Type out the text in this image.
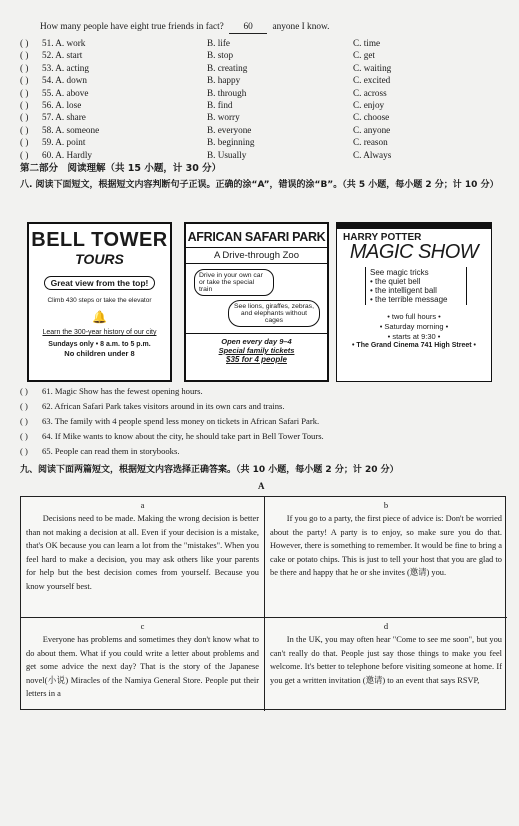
How many people have eight true friends in fact? 60 anyone I know.
( ) 51. A. work	B. life	C. time
( ) 52. A. start	B. stop	C. get
( ) 53. A. acting	B. creating	C. waiting
( ) 54. A. down	B. happy	C. excited
( ) 55. A. above	B. through	C. across
( ) 56. A. lose	B. find	C. enjoy
( ) 57. A. share	B. worry	C. choose
( ) 58. A. someone	B. everyone	C. anyone
( ) 59. A. point	B. beginning	C. reason
( ) 60. A. Hardly	B. Usually	C. Always
第二部分　阅读理解（共 15 小题，计 30 分）
八. 阅读下面短文，根据短文内容判断句子正误。正确的涂“A”，错误的涂“B”。（共 5 小题，每小题 2 分；计 10 分）
BELL TOWER
TOURS
Great view from the top!
Climb 430 steps or take the elevator
🔔
Learn the 300-year history of our city
Sundays only • 8 a.m. to 5 p.m.
No children under 8
AFRICAN SAFARI PARK
A Drive-through Zoo
Drive in your own car or take the special train
See lions, giraffes, zebras, and elephants without cages
Open every day 9–4
Special family tickets
$35 for 4 people
HARRY POTTER
MAGIC SHOW
See magic tricks
• the quiet bell
• the intelligent ball
• the terrible message
• two full hours •
• Saturday morning •
• starts at 9:30 •
• The Grand Cinema 741 High Street •
( ) 61. Magic Show has the fewest opening hours.
( ) 62. African Safari Park takes visitors around in its own cars and trains.
( ) 63. The family with 4 people spend less money on tickets in African Safari Park.
( ) 64. If Mike wants to know about the city, he should take part in Bell Tower Tours.
( ) 65. People can read them in storybooks.
九、阅读下面两篇短文，根据短文内容选择正确答案。（共 10 小题，每小题 2 分；计 20 分）
A
a
Decisions need to be made. Making the wrong decision is better than not making a decision at all. Even if your decision is a mistake, that's OK because you can learn a lot from the "mistakes". When you feel hard to make a decision, you may ask others like your parents for help but the best decision comes from yourself. Because you know yourself best.
b
If you go to a party, the first piece of advice is: Don't be worried about the party! A party is to enjoy, so make sure you do that. However, there is something to remember. It would be fine to bring a cake or potato chips. This is just to tell your host that you are glad to be there and happy that he or she invites (邀请) you.
c
Everyone has problems and sometimes they don't know what to do about them. What if you could write a letter about problems and get some advice the next day? That is the story of the Japanese novel(小说) Miracles of the Namiya General Store. People put their letters in a
d
In the UK, you may often hear "Come to see me soon", but you can't really do that. People just say those things to make you feel welcome. It's better to telephone before visiting someone at home. If you get a written invitation (邀请) to an event that says RSVP,
